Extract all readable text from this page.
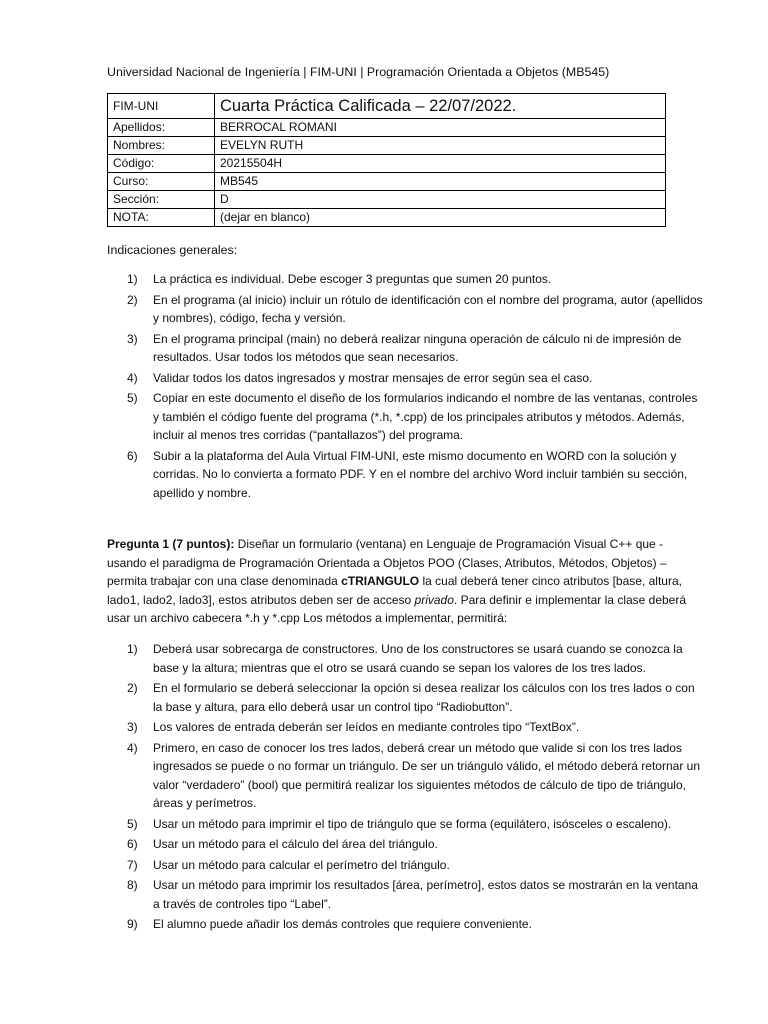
Universidad Nacional de Ingeniería | FIM-UNI | Programación Orientada a Objetos (MB545)
FIM-UNI	Cuarta Práctica Calificada – 22/07/2022.
Apellidos:	BERROCAL ROMANI
Nombres:	EVELYN RUTH
Código:	20215504H
Curso:	MB545
Sección:	D
NOTA:	(dejar en blanco)
Indicaciones generales:
1) La práctica es individual. Debe escoger 3 preguntas que sumen 20 puntos.
2) En el programa (al inicio) incluir un rótulo de identificación con el nombre del programa, autor (apellidos y nombres), código, fecha y versión.
3) En el programa principal (main) no deberá realizar ninguna operación de cálculo ni de impresión de resultados. Usar todos los métodos que sean necesarios.
4) Validar todos los datos ingresados y mostrar mensajes de error según sea el caso.
5) Copiar en este documento el diseño de los formularios indicando el nombre de las ventanas, controles y también el código fuente del programa (*.h, *.cpp) de los principales atributos y métodos. Además, incluir al menos tres corridas (“pantallazos”) del programa.
6) Subir a la plataforma del Aula Virtual FIM-UNI, este mismo documento en WORD con la solución y corridas. No lo convierta a formato PDF. Y en el nombre del archivo Word incluir también su sección, apellido y nombre.
Pregunta 1 (7 puntos): Diseñar un formulario (ventana) en Lenguaje de Programación Visual C++ que - usando el paradigma de Programación Orientada a Objetos POO (Clases, Atributos, Métodos, Objetos) – permita trabajar con una clase denominada cTRIANGULO la cual deberá tener cinco atributos [base, altura, lado1, lado2, lado3], estos atributos deben ser de acceso privado. Para definir e implementar la clase deberá usar un archivo cabecera *.h y *.cpp Los métodos a implementar, permitirá:
1) Deberá usar sobrecarga de constructores. Uno de los constructores se usará cuando se conozca la base y la altura; mientras que el otro se usará cuando se sepan los valores de los tres lados.
2) En el formulario se deberá seleccionar la opción si desea realizar los cálculos con los tres lados o con la base y altura, para ello deberá usar un control tipo “Radiobutton”.
3) Los valores de entrada deberán ser leídos en mediante controles tipo “TextBox”.
4) Primero, en caso de conocer los tres lados, deberá crear un método que valide si con los tres lados ingresados se puede o no formar un triángulo. De ser un triángulo válido, el método deberá retornar un valor “verdadero” (bool) que permitirá realizar los siguientes métodos de cálculo de tipo de triángulo, áreas y perímetros.
5) Usar un método para imprimir el tipo de triángulo que se forma (equilátero, isósceles o escaleno).
6) Usar un método para el cálculo del área del triángulo.
7) Usar un método para calcular el perímetro del triángulo.
8) Usar un método para imprimir los resultados [área, perímetro], estos datos se mostrarán en la ventana a través de controles tipo “Label”.
9) El alumno puede añadir los demás controles que requiere conveniente.
